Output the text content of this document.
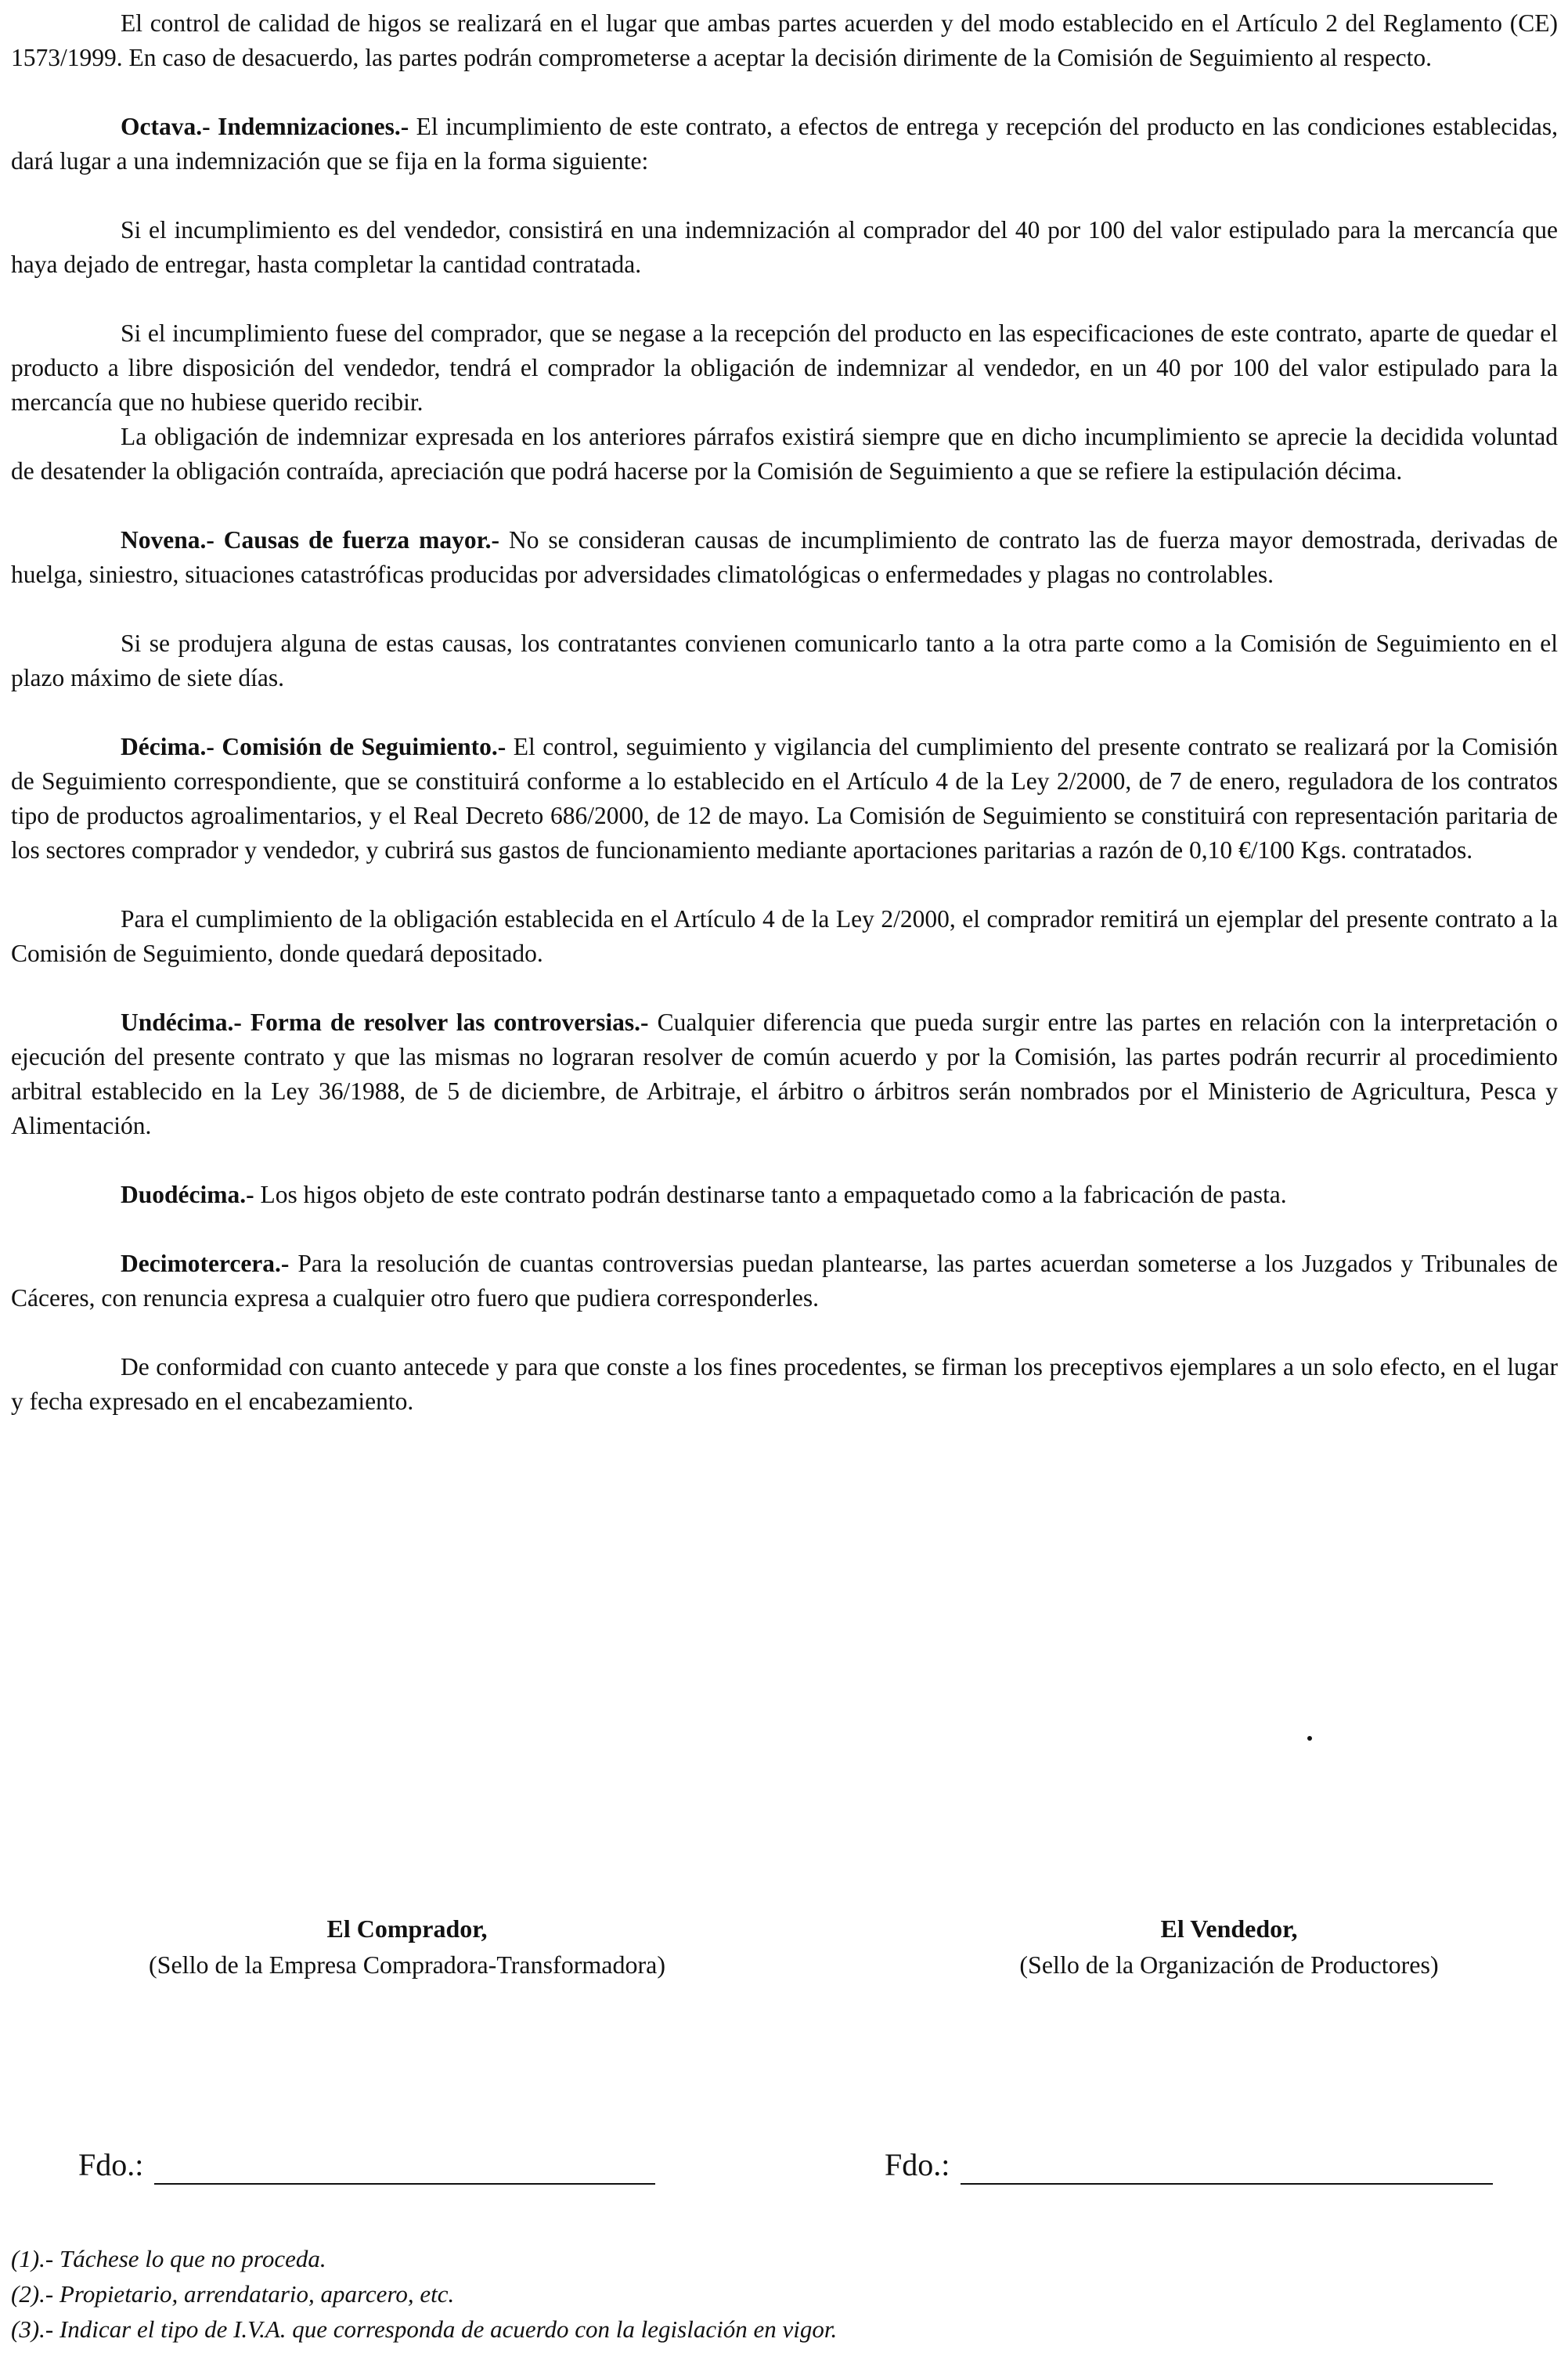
El control de calidad de higos se realizará en el lugar que ambas partes acuerden y del modo establecido en el Artículo 2 del Reglamento (CE) 1573/1999. En caso de desacuerdo, las partes podrán comprometerse a aceptar la decisión dirimente de la Comisión de Seguimiento al respecto.

Octava.- Indemnizaciones.- El incumplimiento de este contrato, a efectos de entrega y recepción del producto en las condiciones establecidas, dará lugar a una indemnización que se fija en la forma siguiente:

Si el incumplimiento es del vendedor, consistirá en una indemnización al comprador del 40 por 100 del valor estipulado para la mercancía que haya dejado de entregar, hasta completar la cantidad contratada.

Si el incumplimiento fuese del comprador, que se negase a la recepción del producto en las especificaciones de este contrato, aparte de quedar el producto a libre disposición del vendedor, tendrá el comprador la obligación de indemnizar al vendedor, en un 40 por 100 del valor estipulado para la mercancía que no hubiese querido recibir.

La obligación de indemnizar expresada en los anteriores párrafos existirá siempre que en dicho incumplimiento se aprecie la decidida voluntad de desatender la obligación contraída, apreciación que podrá hacerse por la Comisión de Seguimiento a que se refiere la estipulación décima.

Novena.- Causas de fuerza mayor.- No se consideran causas de incumplimiento de contrato las de fuerza mayor demostrada, derivadas de huelga, siniestro, situaciones catastróficas producidas por adversidades climatológicas o enfermedades y plagas no controlables.

Si se produjera alguna de estas causas, los contratantes convienen comunicarlo tanto a la otra parte como a la Comisión de Seguimiento en el plazo máximo de siete días.

Décima.- Comisión de Seguimiento.- El control, seguimiento y vigilancia del cumplimiento del presente contrato se realizará por la Comisión de Seguimiento correspondiente, que se constituirá conforme a lo establecido en el Artículo 4 de la Ley 2/2000, de 7 de enero, reguladora de los contratos tipo de productos agroalimentarios, y el Real Decreto 686/2000, de 12 de mayo. La Comisión de Seguimiento se constituirá con representación paritaria de los sectores comprador y vendedor, y cubrirá sus gastos de funcionamiento mediante aportaciones paritarias a razón de 0,10 €/100 Kgs. contratados.

Para el cumplimiento de la obligación establecida en el Artículo 4 de la Ley 2/2000, el comprador remitirá un ejemplar del presente contrato a la Comisión de Seguimiento, donde quedará depositado.

Undécima.- Forma de resolver las controversias.- Cualquier diferencia que pueda surgir entre las partes en relación con la interpretación o ejecución del presente contrato y que las mismas no lograran resolver de común acuerdo y por la Comisión, las partes podrán recurrir al procedimiento arbitral establecido en la Ley 36/1988, de 5 de diciembre, de Arbitraje, el árbitro o árbitros serán nombrados por el Ministerio de Agricultura, Pesca y Alimentación.

Duodécima.- Los higos objeto de este contrato podrán destinarse tanto a empaquetado como a la fabricación de pasta.

Decimotercera.- Para la resolución de cuantas controversias puedan plantearse, las partes acuerdan someterse a los Juzgados y Tribunales de Cáceres, con renuncia expresa a cualquier otro fuero que pudiera corresponderles.

De conformidad con cuanto antecede y para que conste a los fines procedentes, se firman los preceptivos ejemplares a un solo efecto, en el lugar y fecha expresado en el encabezamiento.

El Comprador,
(Sello de la Empresa Compradora-Transformadora)
El Vendedor,
(Sello de la Organización de Productores)
Fdo.:	Fdo.:
(1).- Táchese lo que no proceda.
(2).- Propietario, arrendatario, aparcero, etc.
(3).- Indicar el tipo de I.V.A. que corresponda de acuerdo con la legislación en vigor.
